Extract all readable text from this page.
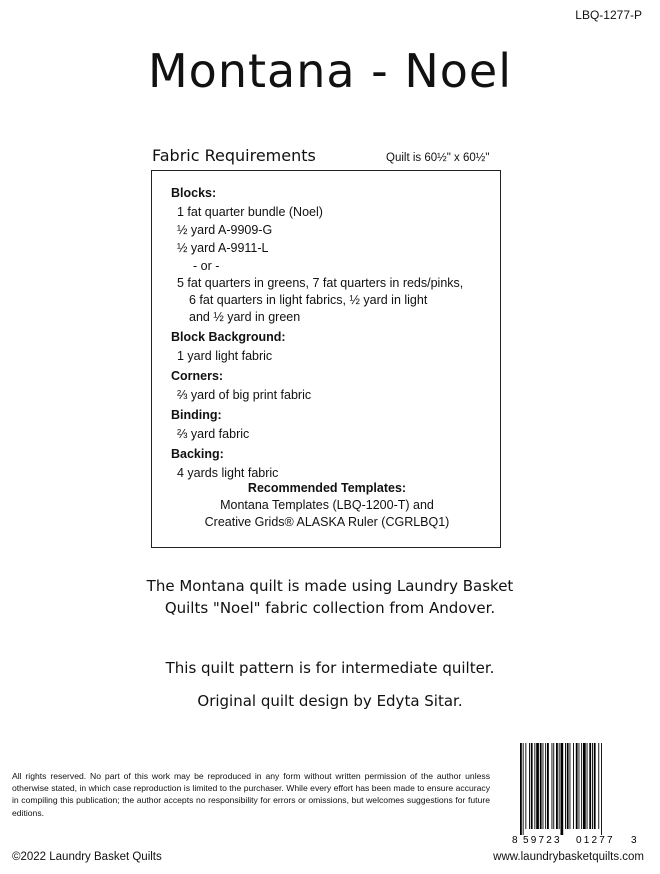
LBQ-1277-P
Montana - Noel
Fabric Requirements	Quilt is 60½" x 60½"
Blocks:
1 fat quarter bundle (Noel)
½ yard A-9909-G
½ yard A-9911-L
- or -
5 fat quarters in greens, 7 fat quarters in reds/pinks,
6 fat quarters in light fabrics, ½ yard in light
and ½ yard in green
Block Background:
1 yard light fabric
Corners:
⅔ yard of big print fabric
Binding:
⅔ yard fabric
Backing:
4 yards light fabric
Recommended Templates:
Montana Templates (LBQ-1200-T) and
Creative Grids® ALASKA Ruler (CGRLBQ1)
The Montana quilt is made using Laundry Basket
Quilts "Noel" fabric collection from Andover.
This quilt pattern is for intermediate quilter.
Original quilt design by Edyta Sitar.
All rights reserved. No part of this work may be reproduced in any form without written permission of the author unless otherwise stated, in which case reproduction is limited to the purchaser. While every effort has been made to ensure accuracy in compiling this publication; the author accepts no responsibility for errors or omissions, but welcomes suggestions for future editions.
8 59723 01277 3
©2022 Laundry Basket Quilts	www.laundrybasketquilts.com
